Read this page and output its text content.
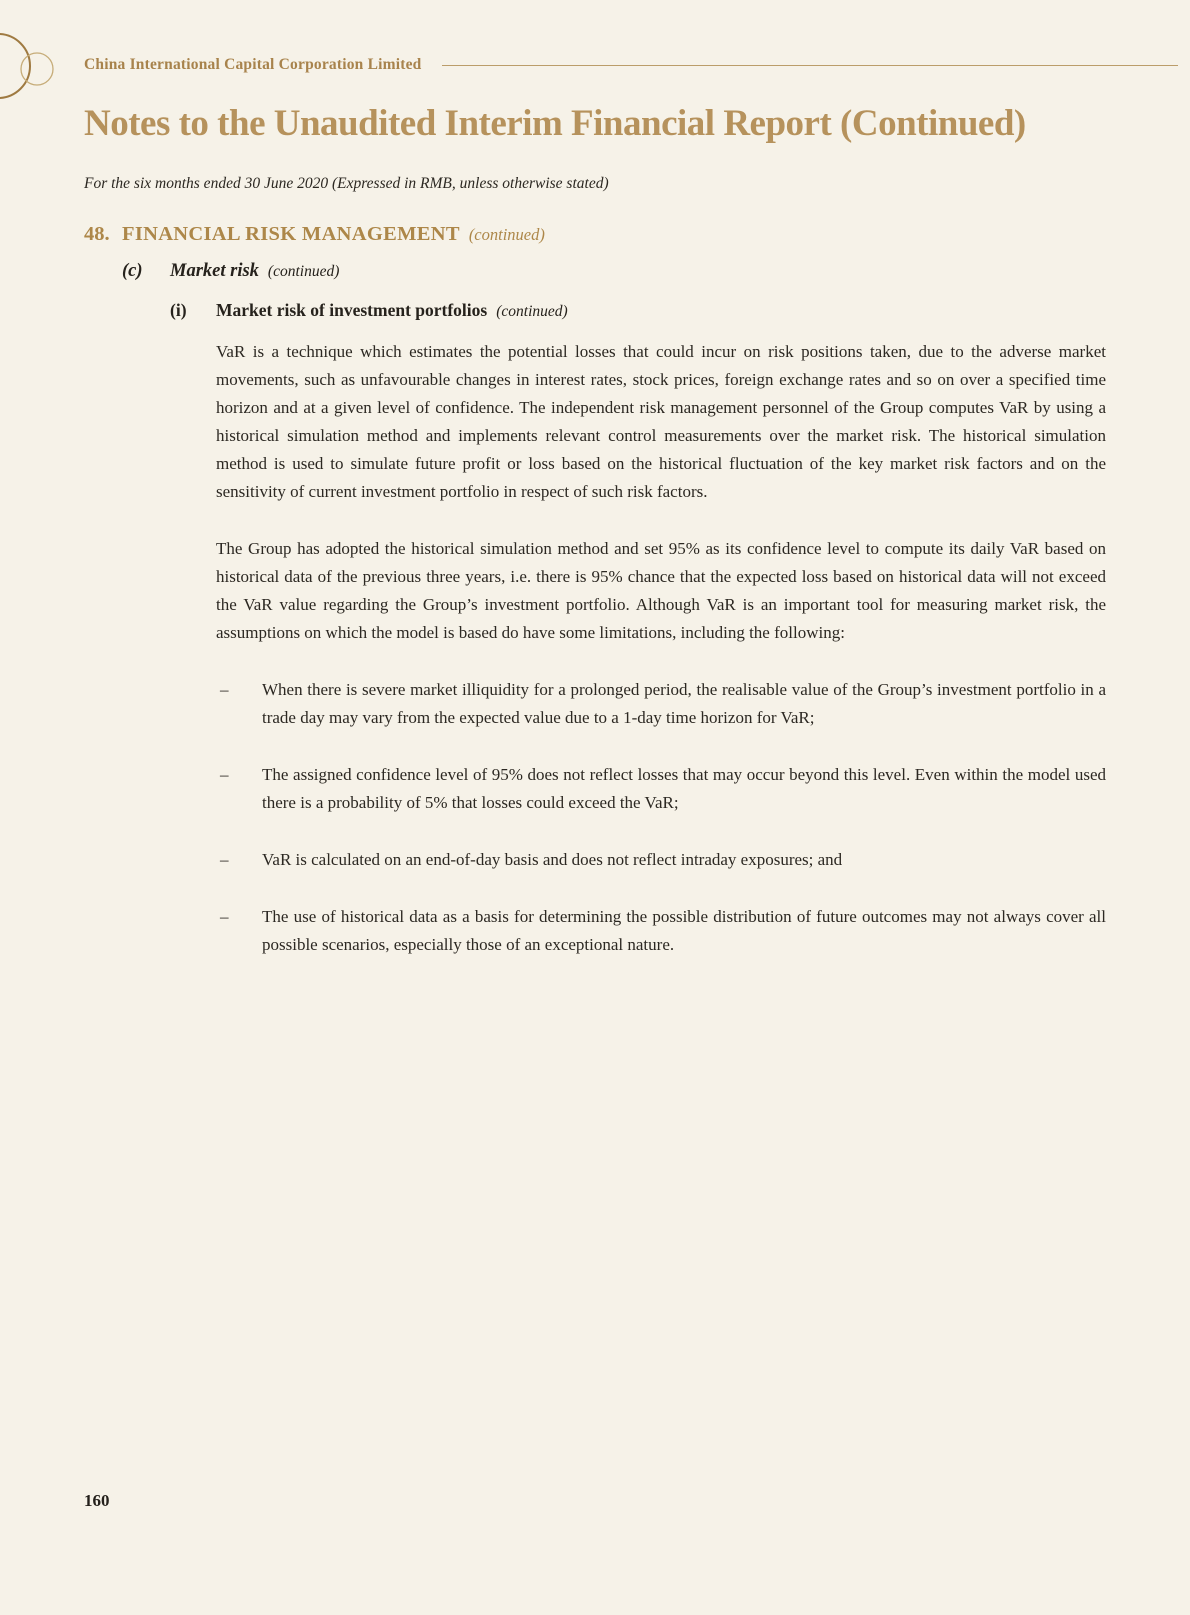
China International Capital Corporation Limited
Notes to the Unaudited Interim Financial Report (Continued)
For the six months ended 30 June 2020 (Expressed in RMB, unless otherwise stated)
48. FINANCIAL RISK MANAGEMENT (continued)
(c)	Market risk (continued)
(i)	Market risk of investment portfolios (continued)

VaR is a technique which estimates the potential losses that could incur on risk positions taken, due to the adverse market movements, such as unfavourable changes in interest rates, stock prices, foreign exchange rates and so on over a specified time horizon and at a given level of confidence. The independent risk management personnel of the Group computes VaR by using a historical simulation method and implements relevant control measurements over the market risk. The historical simulation method is used to simulate future profit or loss based on the historical fluctuation of the key market risk factors and on the sensitivity of current investment portfolio in respect of such risk factors.

The Group has adopted the historical simulation method and set 95% as its confidence level to compute its daily VaR based on historical data of the previous three years, i.e. there is 95% chance that the expected loss based on historical data will not exceed the VaR value regarding the Group’s investment portfolio. Although VaR is an important tool for measuring market risk, the assumptions on which the model is based do have some limitations, including the following:

–	When there is severe market illiquidity for a prolonged period, the realisable value of the Group’s investment portfolio in a trade day may vary from the expected value due to a 1-day time horizon for VaR;
–	The assigned confidence level of 95% does not reflect losses that may occur beyond this level. Even within the model used there is a probability of 5% that losses could exceed the VaR;
–	VaR is calculated on an end-of-day basis and does not reflect intraday exposures; and
–	The use of historical data as a basis for determining the possible distribution of future outcomes may not always cover all possible scenarios, especially those of an exceptional nature.
160
